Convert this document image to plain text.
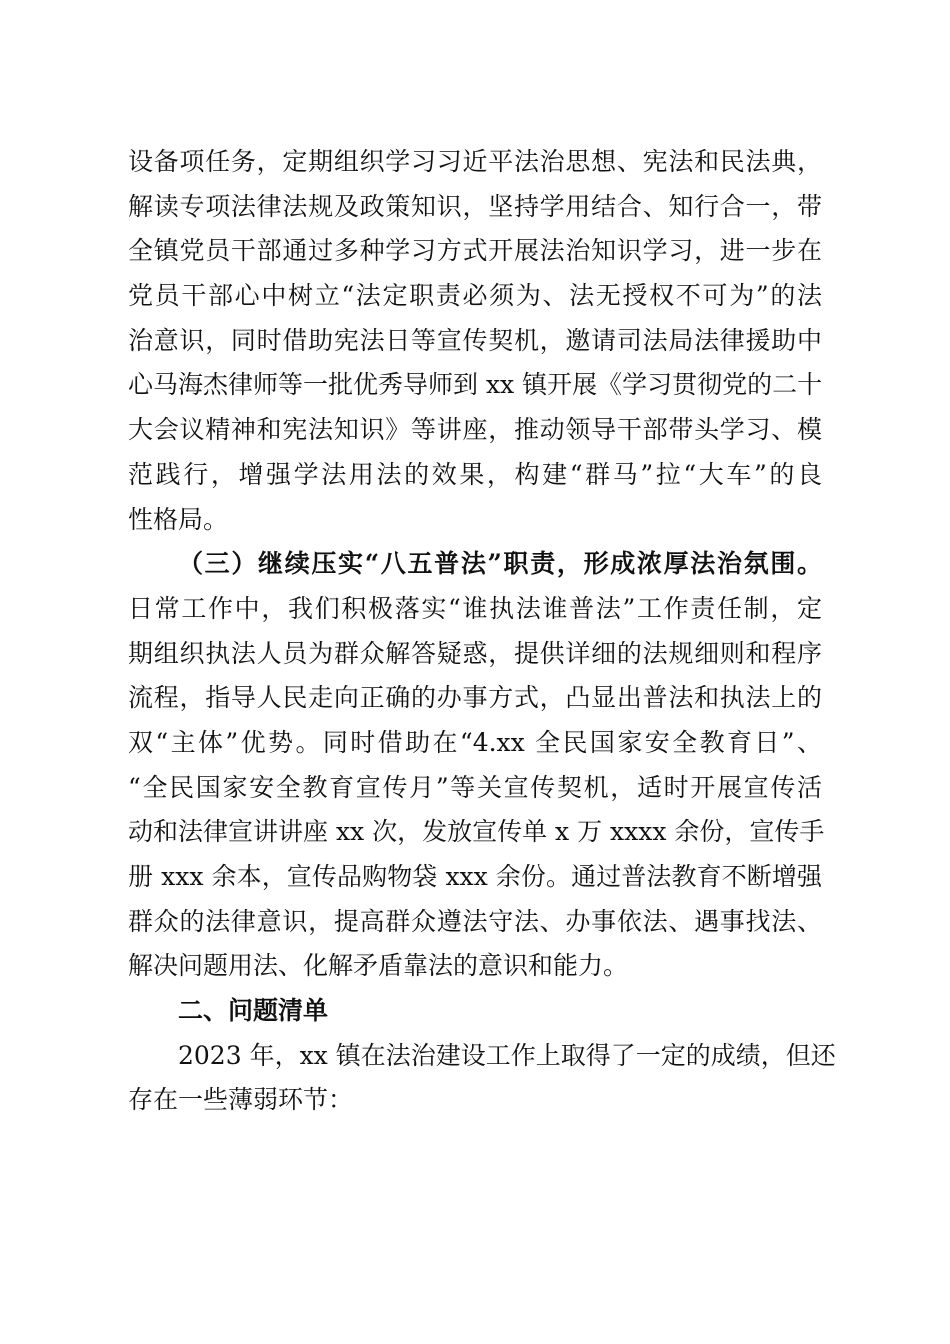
设备项任务，定期组织学习习近平法治思想、宪法和民法典，
解读专项法律法规及政策知识，坚持学用结合、知行合一，带
全镇党员干部通过多种学习方式开展法治知识学习，进一步在
党员干部心中树立“法定职责必须为、法无授权不可为”的法
治意识，同时借助宪法日等宣传契机，邀请司法局法律援助中
心马海杰律师等一批优秀导师到 xx 镇开展《学习贯彻党的二十
大会议精神和宪法知识》等讲座，推动领导干部带头学习、模
范践行，增强学法用法的效果，构建“群马”拉“大车”的良
性格局。
（三）继续压实“八五普法”职责，形成浓厚法治氛围。
日常工作中，我们积极落实“谁执法谁普法”工作责任制，定
期组织执法人员为群众解答疑惑，提供详细的法规细则和程序
流程，指导人民走向正确的办事方式，凸显出普法和执法上的
双“主体”优势。同时借助在“4.xx 全民国家安全教育日”、
“全民国家安全教育宣传月”等关宣传契机，适时开展宣传活
动和法律宣讲讲座 xx 次，发放宣传单 x 万 xxxx 余份，宣传手
册 xxx 余本，宣传品购物袋 xxx 余份。通过普法教育不断增强
群众的法律意识，提高群众遵法守法、办事依法、遇事找法、
解决问题用法、化解矛盾靠法的意识和能力。
二、问题清单
2023 年，xx 镇在法治建设工作上取得了一定的成绩，但还
存在一些薄弱环节：
